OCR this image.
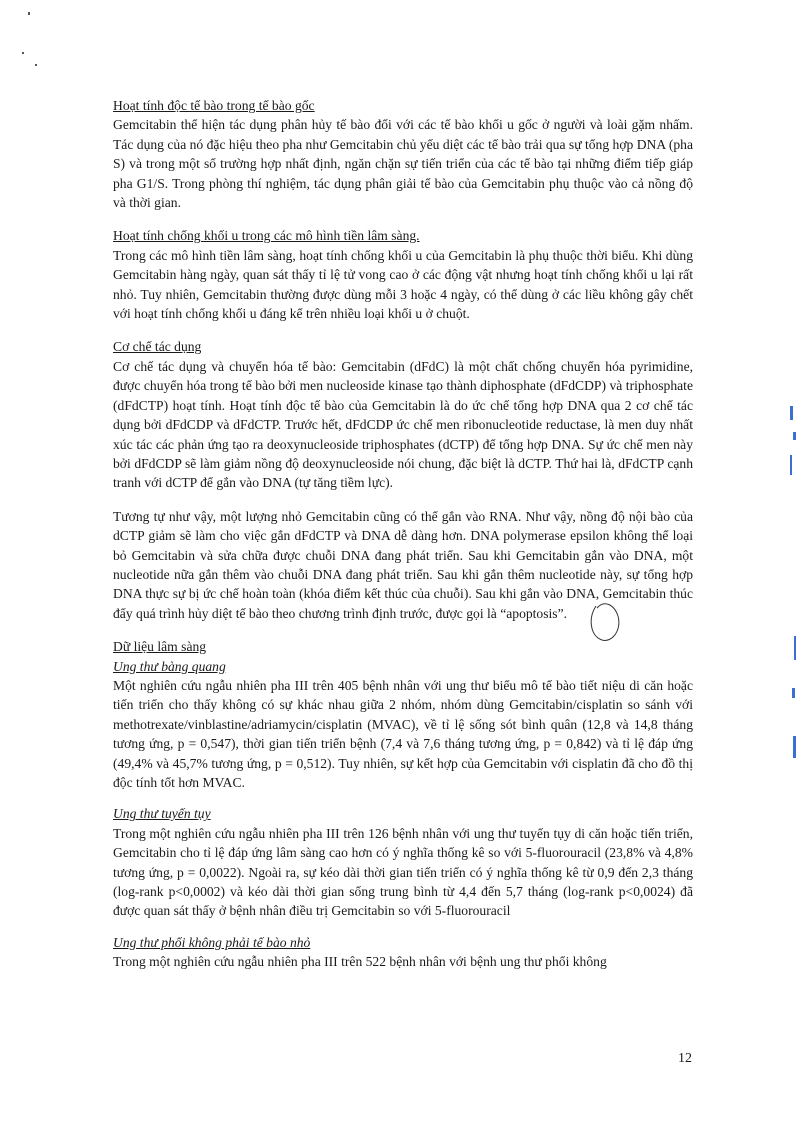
Hoạt tính độc tế bào trong tế bào gốc

Gemcitabin thể hiện tác dụng phân hủy tế bào đối với các tế bào khối u gốc ở người và loài gặm nhấm. Tác dụng của nó đặc hiệu theo pha như Gemcitabin chủ yếu diệt các tế bào trải qua sự tổng hợp DNA (pha S) và trong một số trường hợp nhất định, ngăn chặn sự tiến triển của các tế bào tại những điểm tiếp giáp pha G1/S. Trong phòng thí nghiệm, tác dụng phân giải tế bào của Gemcitabin phụ thuộc vào cả nồng độ và thời gian.

Hoạt tính chống khối u trong các mô hình tiền lâm sàng.

Trong các mô hình tiền lâm sàng, hoạt tính chống khối u của Gemcitabin là phụ thuộc thời biểu. Khi dùng Gemcitabin hàng ngày, quan sát thấy tỉ lệ tử vong cao ở các động vật nhưng hoạt tính chống khối u lại rất nhỏ. Tuy nhiên, Gemcitabin thường được dùng mỗi 3 hoặc 4 ngày, có thể dùng ở các liều không gây chết với hoạt tính chống khối u đáng kể trên nhiều loại khối u ở chuột.

Cơ chế tác dụng

Cơ chế tác dụng và chuyển hóa tế bào: Gemcitabin (dFdC) là một chất chống chuyển hóa pyrimidine, được chuyển hóa trong tế bào bởi men nucleoside kinase tạo thành diphosphate (dFdCDP) và triphosphate (dFdCTP) hoạt tính. Hoạt tính độc tế bào của Gemcitabin là do ức chế tổng hợp DNA qua 2 cơ chế tác dụng bởi dFdCDP và dFdCTP. Trước hết, dFdCDP ức chế men ribonucleotide reductase, là men duy nhất xúc tác các phản ứng tạo ra deoxynucleoside triphosphates (dCTP) để tổng hợp DNA. Sự ức chế men này bởi dFdCDP sẽ làm giảm nồng độ deoxynucleoside nói chung, đặc biệt là dCTP. Thứ hai là, dFdCTP cạnh tranh với dCTP để gắn vào DNA (tự tăng tiềm lực).

Tương tự như vậy, một lượng nhỏ Gemcitabin cũng có thể gắn vào RNA. Như vậy, nồng độ nội bào của dCTP giảm sẽ làm cho việc gắn dFdCTP và DNA dễ dàng hơn. DNA polymerase epsilon không thể loại bỏ Gemcitabin và sửa chữa được chuỗi DNA đang phát triển. Sau khi Gemcitabin gắn vào DNA, một nucleotide nữa gắn thêm vào chuỗi DNA đang phát triển. Sau khi gắn thêm nucleotide này, sự tổng hợp DNA thực sự bị ức chế hoàn toàn (khóa điểm kết thúc của chuỗi). Sau khi gắn vào DNA, Gemcitabin thúc đẩy quá trình hủy diệt tế bào theo chương trình định trước, được gọi là “apoptosis”.

Dữ liệu lâm sàng
Ung thư bàng quang

Một nghiên cứu ngẫu nhiên pha III trên 405 bệnh nhân với ung thư biểu mô tế bào tiết niệu di căn hoặc tiến triển cho thấy không có sự khác nhau giữa 2 nhóm, nhóm dùng Gemcitabin/cisplatin so sánh với methotrexate/vinblastine/adriamycin/cisplatin (MVAC), về tỉ lệ sống sót bình quân (12,8 và 14,8 tháng tương ứng, p = 0,547), thời gian tiến triển bệnh (7,4 và 7,6 tháng tương ứng, p = 0,842) và tỉ lệ đáp ứng (49,4% và 45,7% tương ứng, p = 0,512). Tuy nhiên, sự kết hợp của Gemcitabin với cisplatin đã cho đồ thị độc tính tốt hơn MVAC.

Ung thư tuyến tụy

Trong một nghiên cứu ngẫu nhiên pha III trên 126 bệnh nhân với ung thư tuyến tụy di căn hoặc tiến triển, Gemcitabin cho tỉ lệ đáp ứng lâm sàng cao hơn có ý nghĩa thống kê so với 5-fluorouracil (23,8% và 4,8% tương ứng, p = 0,0022). Ngoài ra, sự kéo dài thời gian tiến triển có ý nghĩa thống kê từ 0,9 đến 2,3 tháng (log-rank p<0,0002) và kéo dài thời gian sống trung bình từ 4,4 đến 5,7 tháng (log-rank p<0,0024) đã được quan sát thấy ở bệnh nhân điều trị Gemcitabin so với 5-fluorouracil

Ung thư phổi không phải tế bào nhỏ

Trong một nghiên cứu ngẫu nhiên pha III trên 522 bệnh nhân với bệnh ung thư phổi không

12
